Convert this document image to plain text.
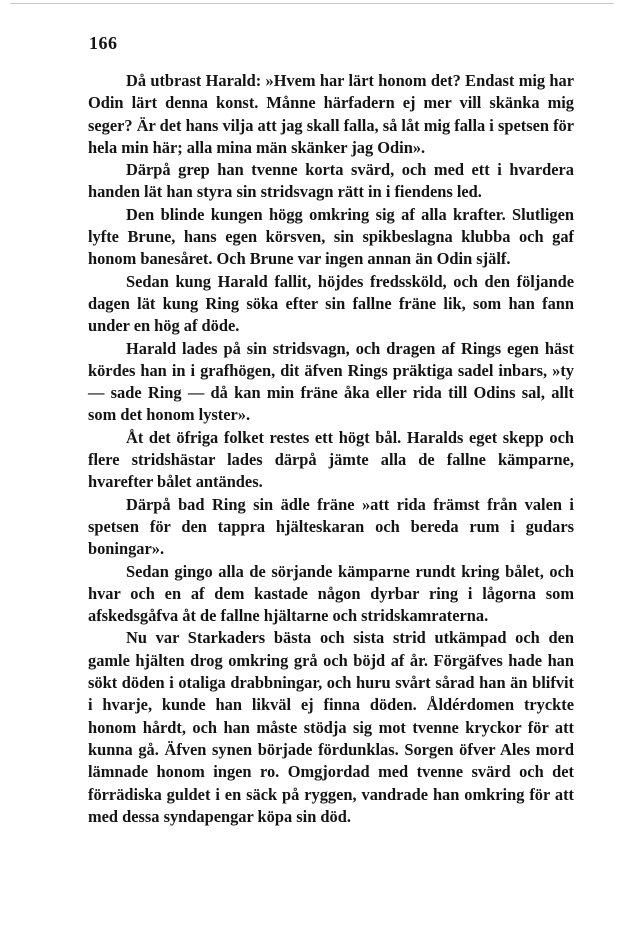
166

Då utbrast Harald: »Hvem har lärt honom det? Endast mig har Odin lärt denna konst. Månne härfadern ej mer vill skänka mig seger? Är det hans vilja att jag skall falla, så låt mig falla i spetsen för hela min här; alla mina män skänker jag Odin».

Därpå grep han tvenne korta svärd, och med ett i hvardera handen lät han styra sin stridsvagn rätt in i fiendens led.

Den blinde kungen högg omkring sig af alla krafter. Slutligen lyfte Brune, hans egen körsven, sin spikbeslagna klubba och gaf honom banesåret. Och Brune var ingen annan än Odin själf.

Sedan kung Harald fallit, höjdes fredssköld, och den följande dagen lät kung Ring söka efter sin fallne fräne lik, som han fann under en hög af döde.

Harald lades på sin stridsvagn, och dragen af Rings egen häst kördes han in i grafhögen, dit äfven Rings präktiga sadel inbars, »ty — sade Ring — då kan min fräne åka eller rida till Odins sal, allt som det honom lyster».

Åt det öfriga folket restes ett högt bål. Haralds eget skepp och flere stridshästar lades därpå jämte alla de fallne kämparne, hvarefter bålet antändes.

Därpå bad Ring sin ädle fräne »att rida främst från valen i spetsen för den tappra hjälteskaran och bereda rum i gudars boningar».

Sedan gingo alla de sörjande kämparne rundt kring bålet, och hvar och en af dem kastade någon dyrbar ring i lågorna som afskedsgåfva åt de fallne hjältarne och stridskamraterna.

Nu var Starkaders bästa och sista strid utkämpad och den gamle hjälten drog omkring grå och böjd af år. Förgäfves hade han sökt döden i otaliga drabbningar, och huru svårt sårad han än blifvit i hvarje, kunde han likväl ej finna döden. Åldérdomen tryckte honom hårdt, och han måste stödja sig mot tvenne kryckor för att kunna gå. Äfven synen började fördunklas. Sorgen öfver Ales mord lämnade honom ingen ro. Omgjordad med tvenne svärd och det förrädiska guldet i en säck på ryggen, vandrade han omkring för att med dessa syndapengar köpa sin död.
